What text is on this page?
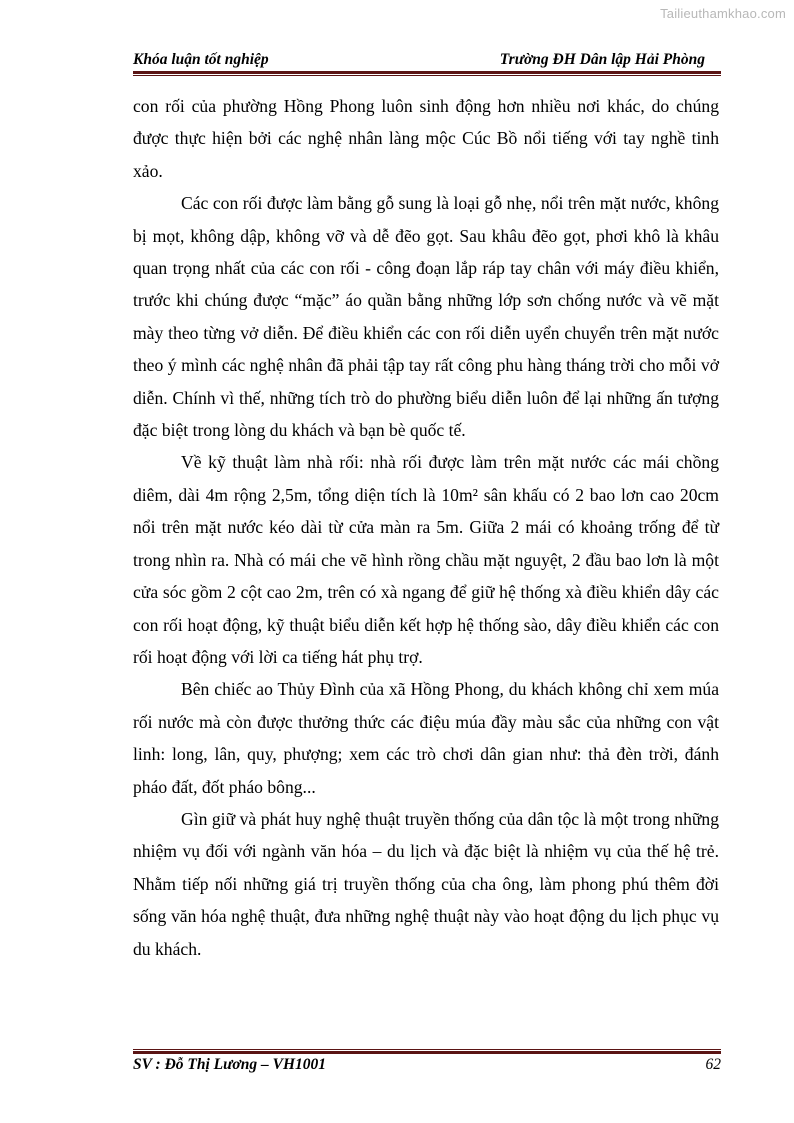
Tailieuthamkhao.com
Khóa luận tốt nghiệp	Trường ĐH Dân lập Hải Phòng

con rối của phường Hồng Phong luôn sinh động hơn nhiều nơi khác, do chúng được thực hiện bởi các nghệ nhân làng mộc Cúc Bồ nổi tiếng với tay nghề tinh xảo.

Các con rối được làm bằng gỗ sung là loại gỗ nhẹ, nổi trên mặt nước, không bị mọt, không dập, không vỡ và dễ đẽo gọt. Sau khâu đẽo gọt, phơi khô là khâu quan trọng nhất của các con rối - công đoạn lắp ráp tay chân với máy điều khiển, trước khi chúng được “mặc” áo quần bằng những lớp sơn chống nước và vẽ mặt mày theo từng vở diễn. Để điều khiển các con rối diễn uyển chuyển trên mặt nước theo ý mình các nghệ nhân đã phải tập tay rất công phu hàng tháng trời cho mỗi vở diễn. Chính vì thế, những tích trò do phường biểu diễn luôn để lại những ấn tượng đặc biệt trong lòng du khách và bạn bè quốc tế.

Về kỹ thuật làm nhà rối: nhà rối được làm trên mặt nước các mái chồng diêm, dài 4m rộng 2,5m, tổng diện tích là 10m² sân khấu có 2 bao lơn cao 20cm nổi trên mặt nước kéo dài từ cửa màn ra 5m. Giữa 2 mái có khoảng trống để từ trong nhìn ra. Nhà có mái che vẽ hình rồng chầu mặt nguyệt, 2 đầu bao lơn là một cửa sóc gồm 2 cột cao 2m, trên có xà ngang để giữ hệ thống xà điều khiển dây các con rối hoạt động, kỹ thuật biểu diễn kết hợp hệ thống sào, dây điều khiển các con rối hoạt động với lời ca tiếng hát phụ trợ.

Bên chiếc ao Thủy Đình của xã Hồng Phong, du khách không chỉ xem múa rối nước mà còn được thưởng thức các điệu múa đầy màu sắc của những con vật linh: long, lân, quy, phượng; xem các trò chơi dân gian như: thả đèn trời, đánh pháo đất, đốt pháo bông...

Gìn giữ và phát huy nghệ thuật truyền thống của dân tộc là một trong những nhiệm vụ đối với ngành văn hóa – du lịch và đặc biệt là nhiệm vụ của thế hệ trẻ. Nhằm tiếp nối những giá trị truyền thống của cha ông, làm phong phú thêm đời sống văn hóa nghệ thuật, đưa những nghệ thuật này vào hoạt động du lịch phục vụ du khách.

SV : Đỗ Thị Lương – VH1001	62
